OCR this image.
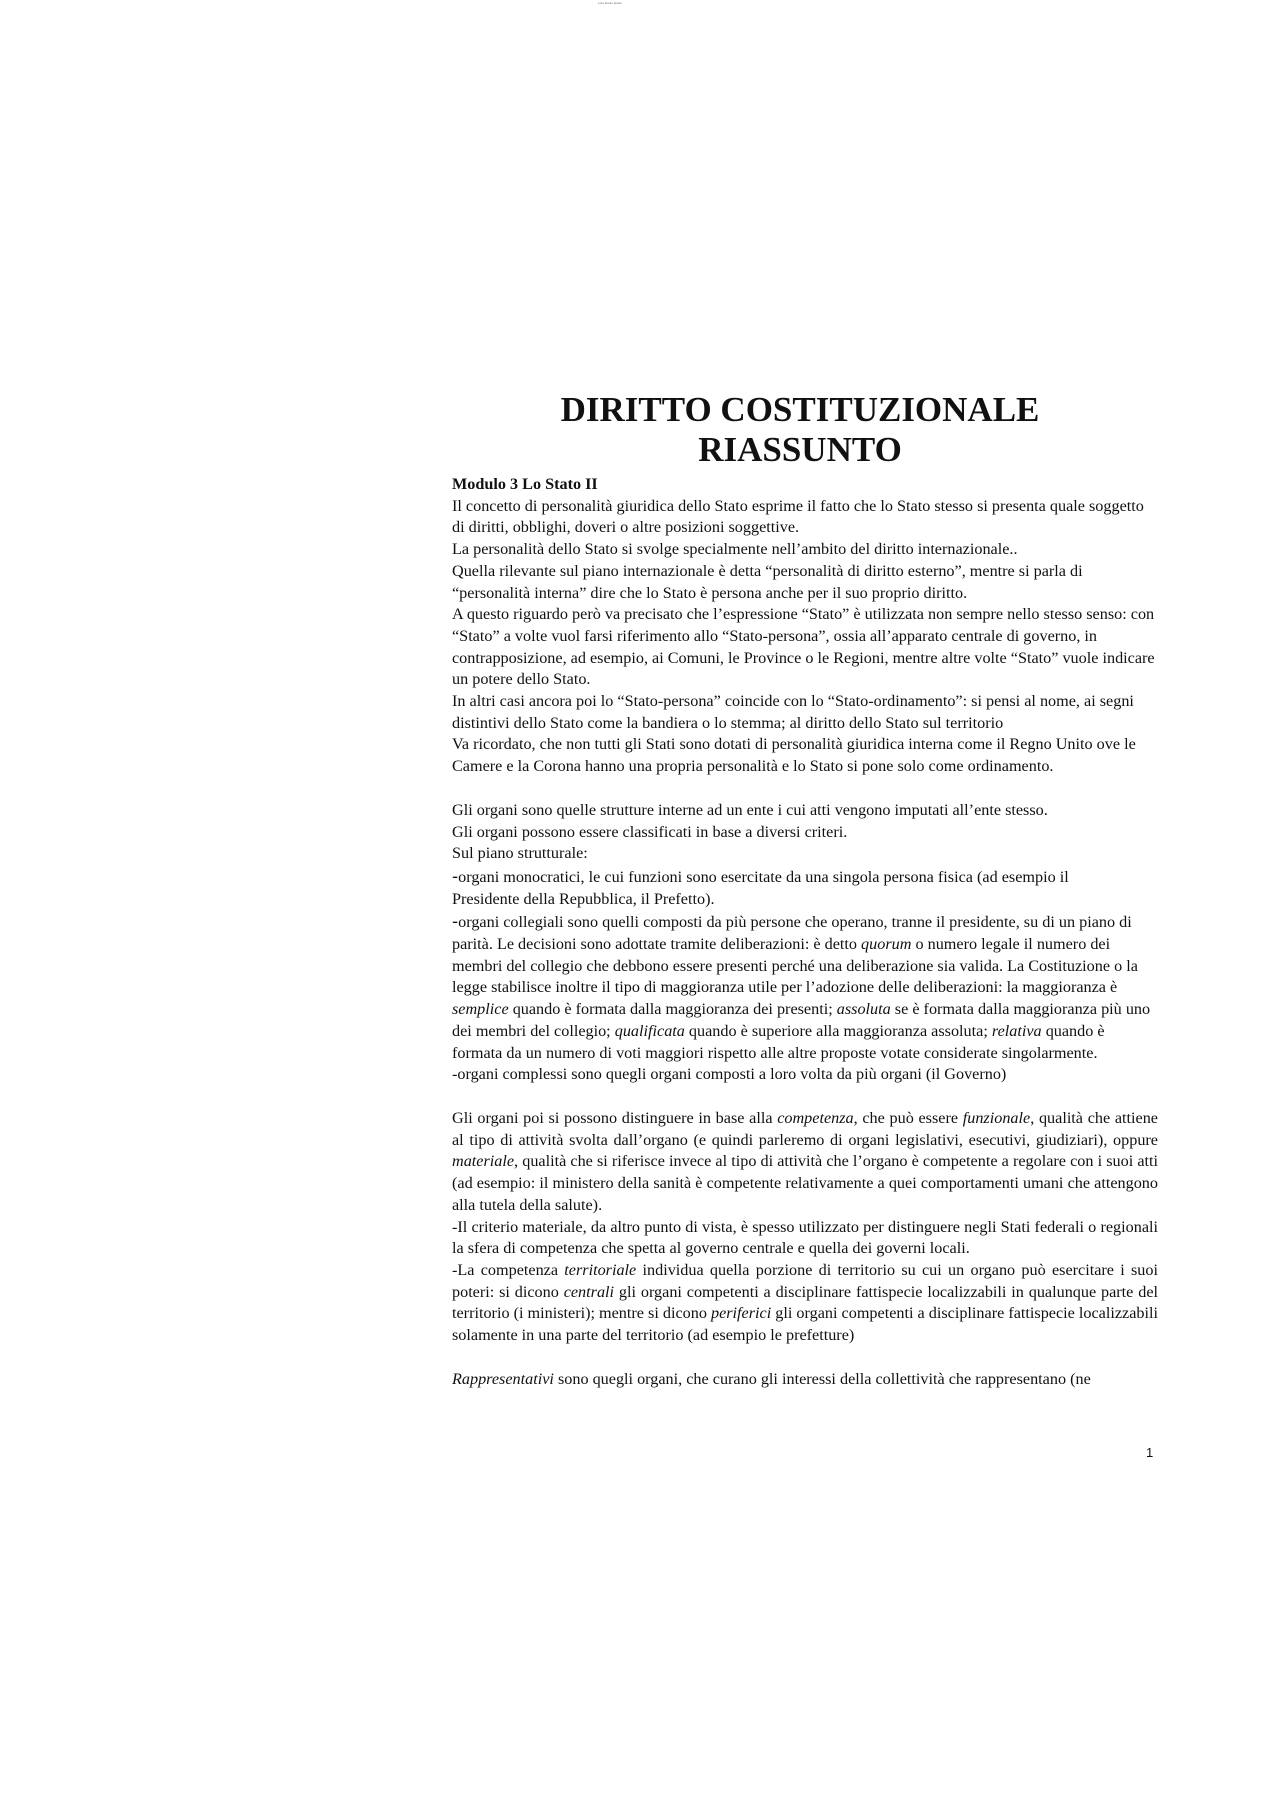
Lore Ipsum Ipsum
DIRITTO COSTITUZIONALE
RIASSUNTO

Modulo 3 Lo Stato II

Il concetto di personalità giuridica dello Stato esprime il fatto che lo Stato stesso si presenta quale soggetto di diritti, obblighi, doveri o altre posizioni soggettive.

La personalità dello Stato si svolge specialmente nell’ambito del diritto internazionale..

Quella rilevante sul piano internazionale è detta “personalità di diritto esterno”, mentre si parla di “personalità interna” dire che lo Stato è persona anche per il suo proprio diritto.

A questo riguardo però va precisato che l’espressione “Stato” è utilizzata non sempre nello stesso senso: con “Stato” a volte vuol farsi riferimento allo “Stato-persona”, ossia all’apparato centrale di governo, in contrapposizione, ad esempio, ai Comuni, le Province o le Regioni, mentre altre volte “Stato” vuole indicare un potere dello Stato.

In altri casi ancora poi lo “Stato-persona” coincide con lo “Stato-ordinamento”: si pensi al nome, ai segni distintivi dello Stato come la bandiera o lo stemma; al diritto dello Stato sul territorio

Va ricordato, che non tutti gli Stati sono dotati di personalità giuridica interna come il Regno Unito ove le Camere e la Corona hanno una propria personalità e lo Stato si pone solo come ordinamento.

Gli organi sono quelle strutture interne ad un ente i cui atti vengono imputati all’ente stesso.

Gli organi possono essere classificati in base a diversi criteri.

Sul piano strutturale:

-organi monocratici, le cui funzioni sono esercitate da una singola persona fisica (ad esempio il Presidente della Repubblica, il Prefetto).

-organi collegiali sono quelli composti da più persone che operano, tranne il presidente, su di un piano di parità. Le decisioni sono adottate tramite deliberazioni: è detto quorum o numero legale il numero dei membri del collegio che debbono essere presenti perché una deliberazione sia valida. La Costituzione o la legge stabilisce inoltre il tipo di maggioranza utile per l’adozione delle deliberazioni: la maggioranza è semplice quando è formata dalla maggioranza dei presenti; assoluta se è formata dalla maggioranza più uno dei membri del collegio; qualificata quando è superiore alla maggioranza assoluta; relativa quando è formata da un numero di voti maggiori rispetto alle altre proposte votate considerate singolarmente.

-organi complessi sono quegli organi composti a loro volta da più organi (il Governo)

Gli organi poi si possono distinguere in base alla competenza, che può essere funzionale, qualità che attiene al tipo di attività svolta dall’organo (e quindi parleremo di organi legislativi, esecutivi, giudiziari), oppure materiale, qualità che si riferisce invece al tipo di attività che l’organo è competente a regolare con i suoi atti (ad esempio: il ministero della sanità è competente relativamente a quei comportamenti umani che attengono alla tutela della salute).

-Il criterio materiale, da altro punto di vista, è spesso utilizzato per distinguere negli Stati federali o regionali la sfera di competenza che spetta al governo centrale e quella dei governi locali.

-La competenza territoriale individua quella porzione di territorio su cui un organo può esercitare i suoi poteri: si dicono centrali gli organi competenti a disciplinare fattispecie localizzabili in qualunque parte del territorio (i ministeri); mentre si dicono periferici gli organi competenti a disciplinare fattispecie localizzabili solamente in una parte del territorio (ad esempio le prefetture)

Rappresentativi sono quegli organi, che curano gli interessi della collettività che rappresentano (ne

1
